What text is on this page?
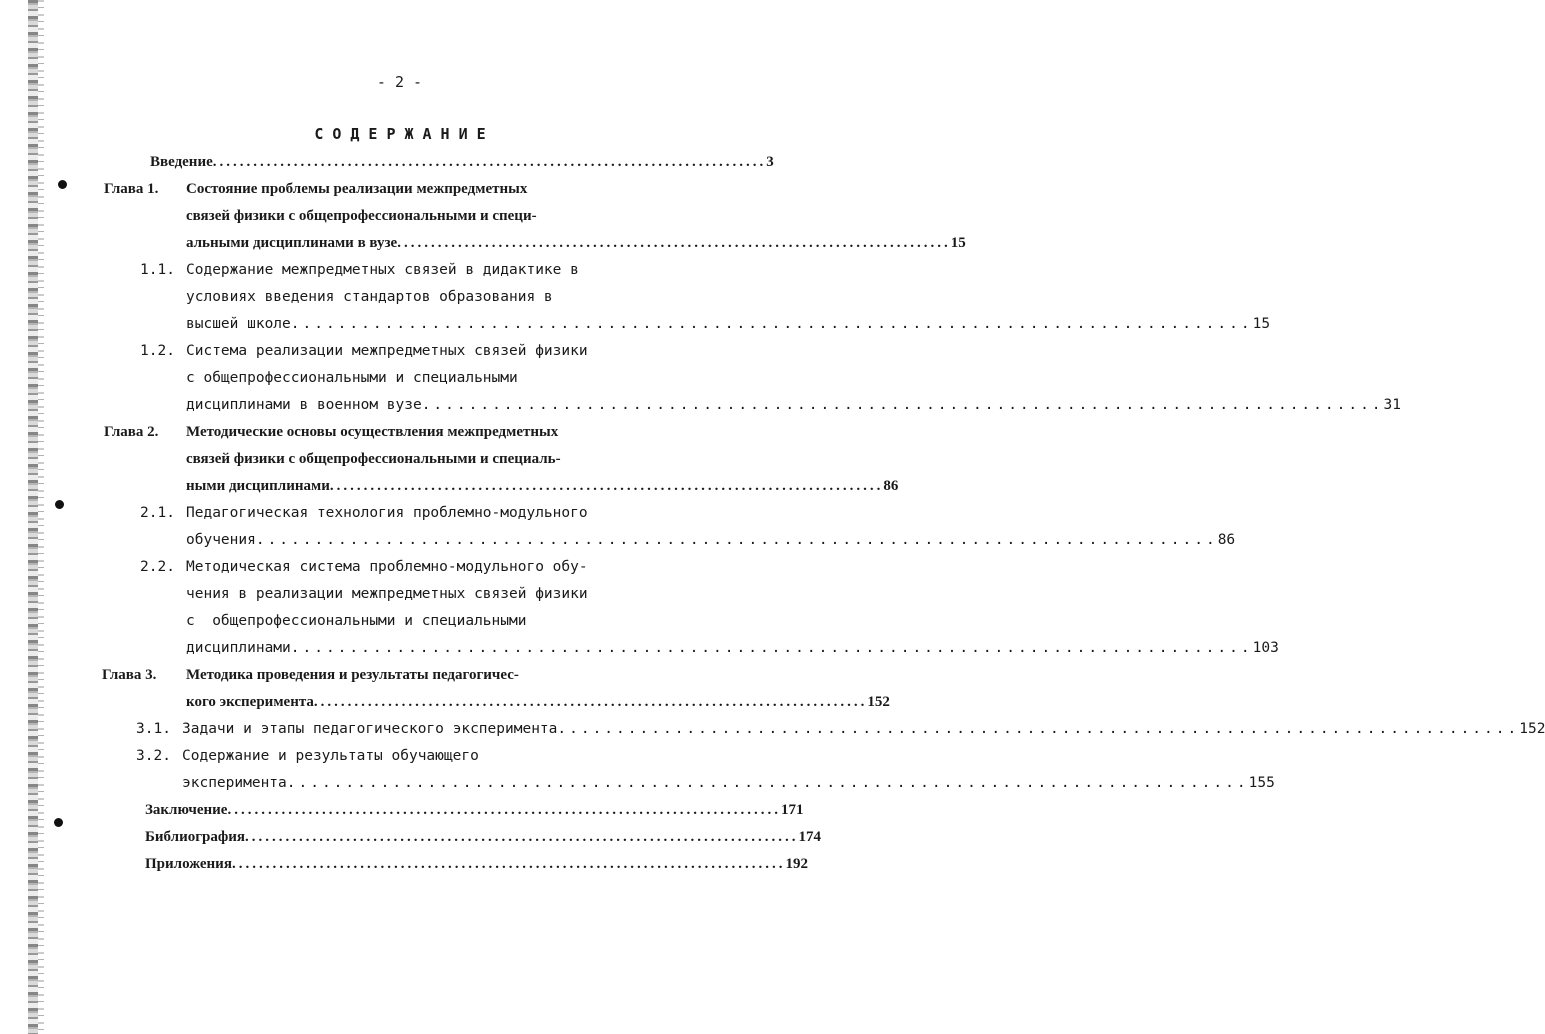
- 2 -
СОДЕРЖАНИЕ
Введение .................................................................................. 3
Глава 1. Состояние проблемы реализации межпредметных
связей физики с общепрофессиональными и специ-
альными дисциплинами в вузе .................................................................................. 15
1.1. Содержание межпредметных связей в дидактике в
условиях введения стандартов образования в
высшей школе .................................................................................. 15
1.2. Система реализации межпредметных связей физики
с общепрофессиональными и специальными
дисциплинами в военном вузе .................................................................................. 31
Глава 2. Методические основы осуществления межпредметных
связей физики с общепрофессиональными и специаль-
ными дисциплинами .................................................................................. 86
2.1. Педагогическая технология проблемно-модульного
обучения .................................................................................. 86
2.2. Методическая система проблемно-модульного обу-
чения в реализации межпредметных связей физики
с  общепрофессиональными и специальными
дисциплинами .................................................................................. 103
Глава 3. Методика проведения и результаты педагогичес-
кого эксперимента .................................................................................. 152
3.1. Задачи и этапы педагогического эксперимента .................................................................................. 152
3.2. Содержание и результаты обучающего
эксперимента .................................................................................. 155
Заключение .................................................................................. 171
Библиография .................................................................................. 174
Приложения .................................................................................. 192
